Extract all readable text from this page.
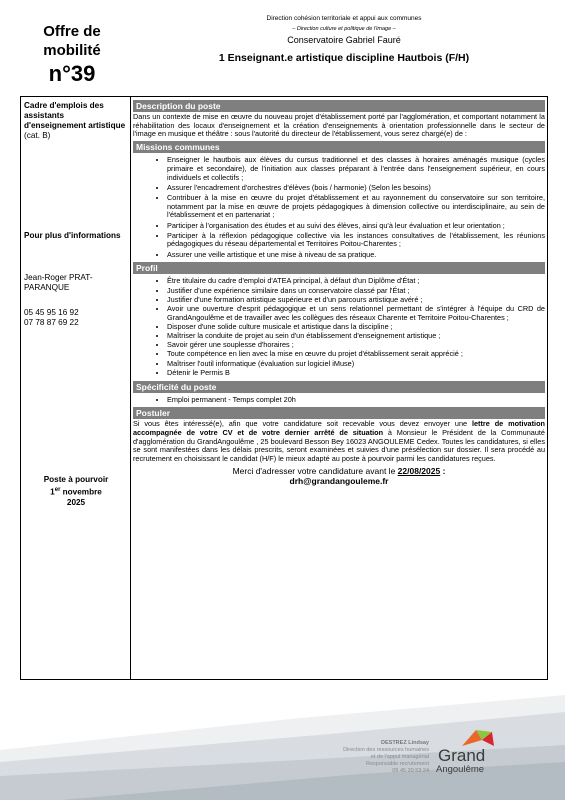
Offre de
mobilité
n°39
Direction cohésion territoriale et appui aux communes
– Direction culture et politique de l'image –
Conservatoire Gabriel Fauré
1 Enseignant.e artistique discipline Hautbois (F/H)
Cadre d'emplois des assistants d'enseignement artistique
(cat. B)
Pour plus d'informations
Jean-Roger PRAT-PARANQUE
05 45 95 16 92
07 78 87 69 22
Poste à pourvoir
1er novembre
2025
Description du poste

Dans un contexte de mise en œuvre du nouveau projet d'établissement porté par l'agglomération, et comportant notamment la réhabilitation des locaux d'enseignement et la création d'enseignements à orientation professionnelle dans le secteur de l'image en musique et théâtre : sous l'autorité du directeur de l'établissement, vous serez chargé(e) de :

Missions communes
• Enseigner le hautbois aux élèves du cursus traditionnel et des classes à horaires aménagés musique (cycles primaire et secondaire), de l'initiation aux classes préparant à l'entrée dans l'enseignement supérieur, en cours individuels et collectifs ;
• Assurer l'encadrement d'orchestres d'élèves (bois / harmonie) (Selon les besoins)
• Contribuer à la mise en œuvre du projet d'établissement et au rayonnement du conservatoire sur son territoire, notamment par la mise en œuvre de projets pédagogiques à dimension collective ou interdisciplinaire, au sein de l'établissement et en partenariat ;
• Participer à l'organisation des études et au suivi des élèves, ainsi qu'à leur évaluation et leur orientation ;
• Participer à la réflexion pédagogique collective via les instances consultatives de l'établissement, les réunions pédagogiques du réseau départemental et Territoires Poitou-Charentes ;
• Assurer une veille artistique et une mise à niveau de sa pratique.
Profil
• Être titulaire du cadre d'emploi d'ATEA principal, à défaut d'un Diplôme d'État ;
• Justifier d'une expérience similaire dans un conservatoire classé par l'État ;
• Justifier d'une formation artistique supérieure et d'un parcours artistique avéré ;
• Avoir une ouverture d'esprit pédagogique et un sens relationnel permettant de s'intégrer à l'équipe du CRD de GrandAngoulême et de travailler avec les collègues des réseaux Charente et Territoire Poitou-Charentes ;
• Disposer d'une solide culture musicale et artistique dans la discipline ;
• Maîtriser la conduite de projet au sein d'un établissement d'enseignement artistique ;
• Savoir gérer une souplesse d'horaires ;
• Toute compétence en lien avec la mise en œuvre du projet d'établissement serait apprécié ;
• Maîtriser l'outil informatique (évaluation sur logiciel iMuse)
• Détenir le Permis B
Spécificité du poste
• Emploi permanent - Temps complet 20h
Postuler

Si vous êtes intéressé(e), afin que votre candidature soit recevable vous devez envoyer une lettre de motivation accompagnée de votre CV et de votre dernier arrêté de situation à Monsieur le Président de la Communauté d'agglomération du GrandAngoulême , 25 boulevard Besson Bey 16023 ANGOULEME Cedex. Toutes les candidatures, si elles se sont manifestées dans les délais prescrits, seront examinées et suivies d'une présélection sur dossier. Il sera procédé au recrutement en choisissant le candidat (H/F) le mieux adapté au poste à pourvoir parmi les candidatures reçues.

Merci d'adresser votre candidature avant le 22/08/2025 :
drh@grandangouleme.fr
DESTREZ Lindsay
Direction des ressources humaines
et de l'appui managérial
Responsable recrutement
05 45 20 53 24
Grand
Angoulême
